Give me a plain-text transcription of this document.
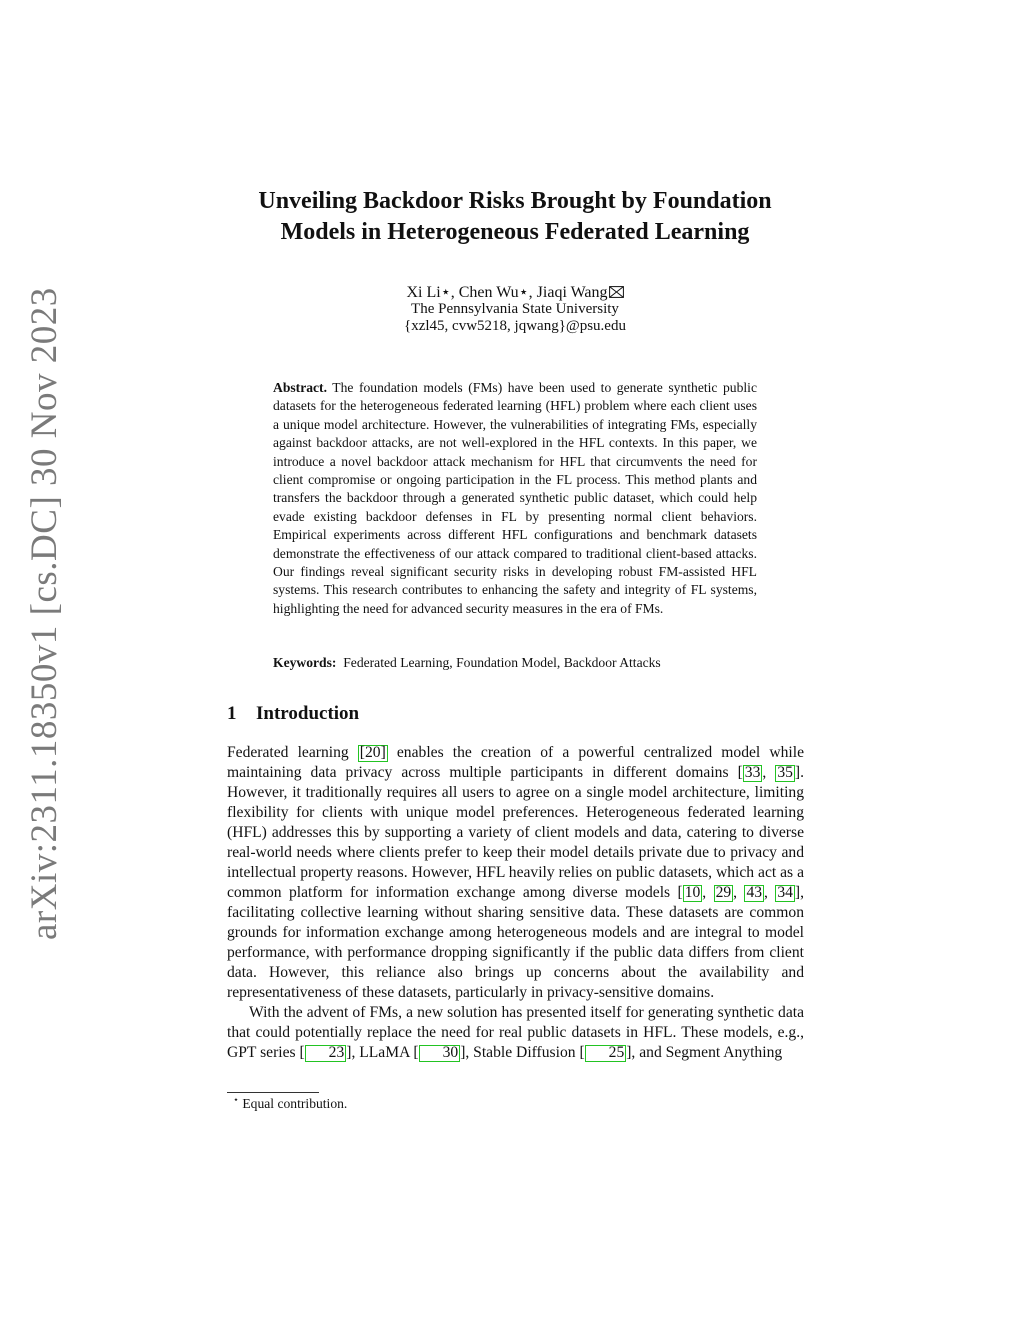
arXiv:2311.18350v1 [cs.DC] 30 Nov 2023
Unveiling Backdoor Risks Brought by Foundation
Models in Heterogeneous Federated Learning
Xi Li⋆, Chen Wu⋆, Jiaqi Wang
The Pennsylvania State University
{xzl45, cvw5218, jqwang}@psu.edu

Abstract. The foundation models (FMs) have been used to generate synthetic public datasets for the heterogeneous federated learning (HFL) problem where each client uses a unique model architecture. However, the vulnerabilities of integrating FMs, especially against backdoor attacks, are not well-explored in the HFL contexts. In this paper, we introduce a novel backdoor attack mechanism for HFL that circumvents the need for client compromise or ongoing participation in the FL process. This method plants and transfers the backdoor through a generated synthetic public dataset, which could help evade existing backdoor defenses in FL by presenting normal client behaviors. Empirical experiments across different HFL configurations and benchmark datasets demonstrate the effectiveness of our attack compared to traditional client-based attacks. Our findings reveal significant security risks in developing robust FM-assisted HFL systems. This research contributes to enhancing the safety and integrity of FL systems, highlighting the need for advanced security measures in the era of FMs.

Keywords: Federated Learning, Foundation Model, Backdoor Attacks
1 Introduction

Federated learning [20] enables the creation of a powerful centralized model while maintaining data privacy across multiple participants in different domains [ 33 , 35 ]. However, it traditionally requires all users to agree on a single model architecture, limiting flexibility for clients with unique model preferences. Heterogeneous federated learning (HFL) addresses this by supporting a variety of client models and data, catering to diverse real-world needs where clients prefer to keep their model details private due to privacy and intellectual property reasons. However, HFL heavily relies on public datasets, which act as a common platform for information exchange among diverse models [ 10 , 29 , 43 , 34 ], facilitating collective learning without sharing sensitive data. These datasets are common grounds for information exchange among heterogeneous models and are integral to model performance, with performance dropping significantly if the public data differs from client data. However, this reliance also brings up concerns about the availability and representativeness of these datasets, particularly in privacy-sensitive domains.

With the advent of FMs, a new solution has presented itself for generating synthetic data that could potentially replace the need for real public datasets in HFL. These models, e.g., GPT series [ 23 ], LLaMA [ 30 ], Stable Diffusion [ 25 ], and Segment Anything

⋆ Equal contribution.
